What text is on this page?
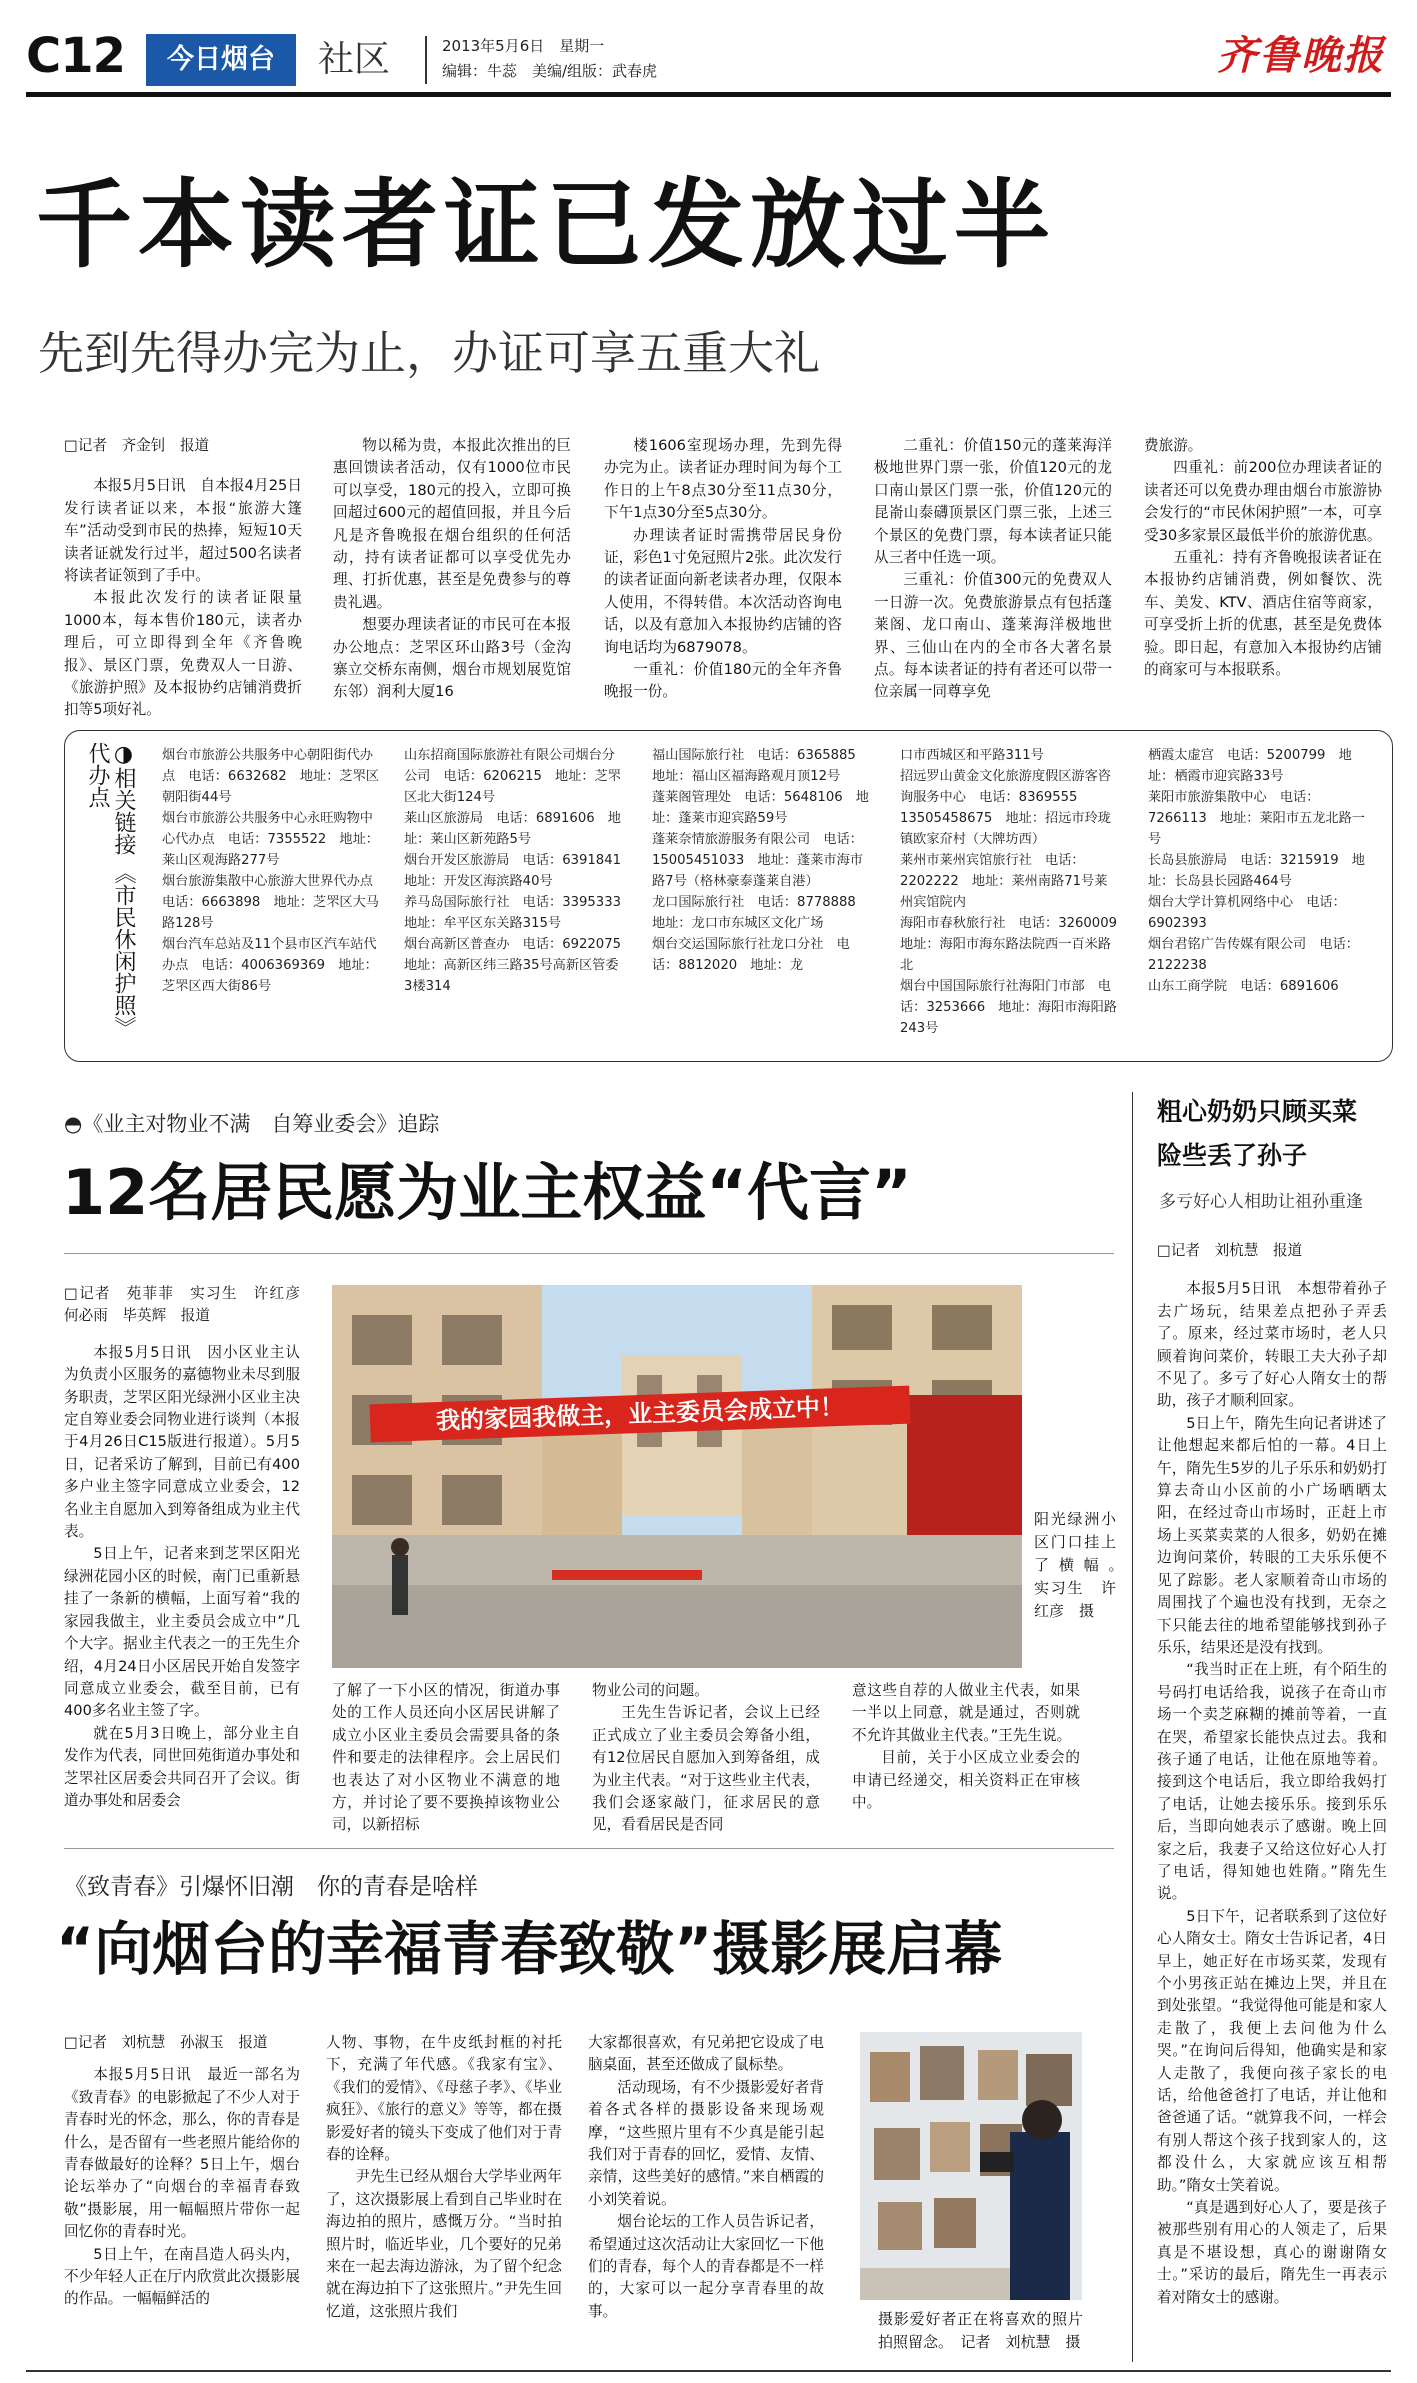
C12	今日烟台	社区	2013年5月6日　星期一
编辑：牛蕊　美编/组版：武春虎	齐鲁晚报
千本读者证已发放过半
先到先得办完为止，办证可享五重大礼

□记者　齐金钊　报道

本报5月5日讯　自本报4月25日发行读者证以来，本报“旅游大篷车”活动受到市民的热捧，短短10天读者证就发行过半，超过500名读者将读者证领到了手中。

本报此次发行的读者证限量1000本，每本售价180元，读者办理后，可立即得到全年《齐鲁晚报》、景区门票，免费双人一日游、《旅游护照》及本报协约店铺消费折扣等5项好礼。

物以稀为贵，本报此次推出的巨惠回馈读者活动，仅有1000位市民可以享受，180元的投入，立即可换回超过600元的超值回报，并且今后凡是齐鲁晚报在烟台组织的任何活动，持有读者证都可以享受优先办理、打折优惠，甚至是免费参与的尊贵礼遇。

想要办理读者证的市民可在本报办公地点：芝罘区环山路3号（金沟寨立交桥东南侧，烟台市规划展览馆东邻）润利大厦16

楼1606室现场办理，先到先得办完为止。读者证办理时间为每个工作日的上午8点30分至11点30分，下午1点30分至5点30分。

办理读者证时需携带居民身份证，彩色1寸免冠照片2张。此次发行的读者证面向新老读者办理，仅限本人使用，不得转借。本次活动咨询电话，以及有意加入本报协约店铺的咨询电话均为6879078。

一重礼：价值180元的全年齐鲁晚报一份。

二重礼：价值150元的蓬莱海洋极地世界门票一张，价值120元的龙口南山景区门票一张，价值120元的昆嵛山泰礴顶景区门票三张，上述三个景区的免费门票，每本读者证只能从三者中任选一项。

三重礼：价值300元的免费双人一日游一次。免费旅游景点有包括蓬莱阁、龙口南山、蓬莱海洋极地世界、三仙山在内的全市各大著名景点。每本读者证的持有者还可以带一位亲属一同尊享免

费旅游。

四重礼：前200位办理读者证的读者还可以免费办理由烟台市旅游协会发行的“市民休闲护照”一本，可享受30多家景区最低半价的旅游优惠。

五重礼：持有齐鲁晚报读者证在本报协约店铺消费，例如餐饮、洗车、美发、KTV、酒店住宿等商家，可享受折上折的优惠，甚至是免费体验。即日起，有意加入本报协约店铺的商家可与本报联系。

◑相关链接 《市民休闲护照》代办点	烟台市旅游公共服务中心朝阳街代办点　电话：6632682　地址：芝罘区朝阳街44号
烟台市旅游公共服务中心永旺购物中心代办点　电话：7355522　地址：莱山区观海路277号
烟台旅游集散中心旅游大世界代办点　电话：6663898　地址：芝罘区大马路128号
烟台汽车总站及11个县市区汽车站代办点　电话：4006369369　地址：芝罘区西大街86号
山东招商国际旅游社有限公司烟台分公司　电话：6206215　地址：芝罘区北大街124号
莱山区旅游局　电话：6891606　地址：莱山区新苑路5号
烟台开发区旅游局　电话：6391841　地址：开发区海滨路40号
养马岛国际旅行社　电话：3395333　地址：牟平区东关路315号
烟台高新区普查办　电话：6922075　地址：高新区纬三路35号高新区管委3楼314
福山国际旅行社　电话：6365885　地址：福山区福海路观月顶12号
蓬莱阁管理处　电话：5648106　地址：蓬莱市迎宾路59号
蓬莱奈情旅游服务有限公司　电话：15005451033　地址：蓬莱市海市路7号（格林豪泰蓬莱自港）
龙口国际旅行社　电话：8778888　地址：龙口市东城区文化广场
烟台交运国际旅行社龙口分社　电话：8812020　地址：龙
口市西城区和平路311号
招远罗山黄金文化旅游度假区游客咨询服务中心　电话：8369555 13505458675　地址：招远市玲珑镇欧家夼村（大牌坊西）
莱州市莱州宾馆旅行社　电话：2202222　地址：莱州南路71号莱州宾馆院内
海阳市春秋旅行社　电话：3260009　地址：海阳市海东路法院西一百米路北
烟台中国国际旅行社海阳门市部　电话：3253666　地址：海阳市海阳路243号
栖霞太虚宫　电话：5200799　地址：栖霞市迎宾路33号
莱阳市旅游集散中心　电话：7266113　地址：莱阳市五龙北路一号
长岛县旅游局　电话：3215919　地址：长岛县长园路464号
烟台大学计算机网络中心　电话：6902393
烟台君铭广告传媒有限公司　电话：2122238
山东工商学院　电话：6891606
◓《业主对物业不满　自筹业委会》追踪
12名居民愿为业主权益“代言”

□记者　苑菲菲　实习生　许红彦　何必雨　毕英辉　报道

本报5月5日讯　因小区业主认为负责小区服务的嘉德物业未尽到服务职责，芝罘区阳光绿洲小区业主决定自筹业委会同物业进行谈判（本报于4月26日C15版进行报道）。5月5日，记者采访了解到，目前已有400多户业主签字同意成立业委会，12名业主自愿加入到筹备组成为业主代表。

5日上午，记者来到芝罘区阳光绿洲花园小区的时候，南门已重新悬挂了一条新的横幅，上面写着“我的家园我做主，业主委员会成立中”几个大字。据业主代表之一的王先生介绍，4月24日小区居民开始自发签字同意成立业委会，截至目前，已有400多名业主签了字。

就在5月3日晚上，部分业主自发作为代表，同世回苑街道办事处和芝罘社区居委会共同召开了会议。街道办事处和居委会

我的家园我做主，业主委员会成立中！
阳光绿洲小区门口挂上了横幅。　实习生　许红彦　摄

了解了一下小区的情况，街道办事处的工作人员还向小区居民讲解了成立小区业主委员会需要具备的条件和要走的法律程序。会上居民们也表达了对小区物业不满意的地方，并讨论了要不要换掉该物业公司，以新招标

物业公司的问题。

王先生告诉记者，会议上已经正式成立了业主委员会筹备小组，有12位居民自愿加入到筹备组，成为业主代表。“对于这些业主代表，我们会逐家敲门，征求居民的意见，看看居民是否同

意这些自荐的人做业主代表，如果一半以上同意，就是通过，否则就不允许其做业主代表。”王先生说。

目前，关于小区成立业委会的申请已经递交，相关资料正在审核中。

粗心奶奶只顾买菜
险些丢了孙子
多亏好心人相助让祖孙重逢

□记者　刘杭慧　报道

本报5月5日讯　本想带着孙子去广场玩，结果差点把孙子弄丢了。原来，经过菜市场时，老人只顾着询问菜价，转眼工夫大孙子却不见了。多亏了好心人隋女士的帮助，孩子才顺利回家。

5日上午，隋先生向记者讲述了让他想起来都后怕的一幕。4日上午，隋先生5岁的儿子乐乐和奶奶打算去奇山小区前的小广场晒晒太阳，在经过奇山市场时，正赶上市场上买菜卖菜的人很多，奶奶在摊边询问菜价，转眼的工夫乐乐便不见了踪影。老人家顺着奇山市场的周围找了个遍也没有找到，无奈之下只能去往的地希望能够找到孙子乐乐，结果还是没有找到。

“我当时正在上班，有个陌生的号码打电话给我，说孩子在奇山市场一个卖芝麻糊的摊前等着，一直在哭，希望家长能快点过去。我和孩子通了电话，让他在原地等着。接到这个电话后，我立即给我妈打了电话，让她去接乐乐。接到乐乐后，当即向她表示了感谢。晚上回家之后，我妻子又给这位好心人打了电话，得知她也姓隋。”隋先生说。

5日下午，记者联系到了这位好心人隋女士。隋女士告诉记者，4日早上，她正好在市场买菜，发现有个小男孩正站在摊边上哭，并且在到处张望。“我觉得他可能是和家人走散了，我便上去问他为什么哭。”在询问后得知，他确实是和家人走散了，我便向孩子家长的电话，给他爸爸打了电话，并让他和爸爸通了话。“就算我不问，一样会有别人帮这个孩子找到家人的，这都没什么，大家就应该互相帮助。”隋女士笑着说。

“真是遇到好心人了，要是孩子被那些别有用心的人领走了，后果真是不堪设想，真心的谢谢隋女士。”采访的最后，隋先生一再表示着对隋女士的感谢。

《致青春》引爆怀旧潮　你的青春是啥样
“向烟台的幸福青春致敬”摄影展启幕

□记者　刘杭慧　孙淑玉　报道

本报5月5日讯　最近一部名为《致青春》的电影掀起了不少人对于青春时光的怀念，那么，你的青春是什么，是否留有一些老照片能给你的青春做最好的诠释？5日上午，烟台论坛举办了“向烟台的幸福青春致敬”摄影展，用一幅幅照片带你一起回忆你的青春时光。

5日上午，在南昌造人码头内，不少年轻人正在厅内欣赏此次摄影展的作品。一幅幅鲜活的

人物、事物，在牛皮纸封框的衬托下，充满了年代感。《我家有宝》、《我们的爱情》、《母慈子孝》、《毕业疯狂》、《旅行的意义》等等，都在摄影爱好者的镜头下变成了他们对于青春的诠释。

尹先生已经从烟台大学毕业两年了，这次摄影展上看到自己毕业时在海边拍的照片，感慨万分。“当时拍照片时，临近毕业，几个要好的兄弟来在一起去海边游泳，为了留个纪念就在海边拍下了这张照片。”尹先生回忆道，这张照片我们

大家都很喜欢，有兄弟把它设成了电脑桌面，甚至还做成了鼠标垫。

活动现场，有不少摄影爱好者背着各式各样的摄影设备来现场观摩，“这些照片里有不少真是能引起我们对于青春的回忆，爱情、友情、亲情，这些美好的感情。”来自栖霞的小刘笑着说。

烟台论坛的工作人员告诉记者，希望通过这次活动让大家回忆一下他们的青春，每个人的青春都是不一样的，大家可以一起分享青春里的故事。	摄影爱好者正在将喜欢的照片拍照留念。　记者　刘杭慧　摄
